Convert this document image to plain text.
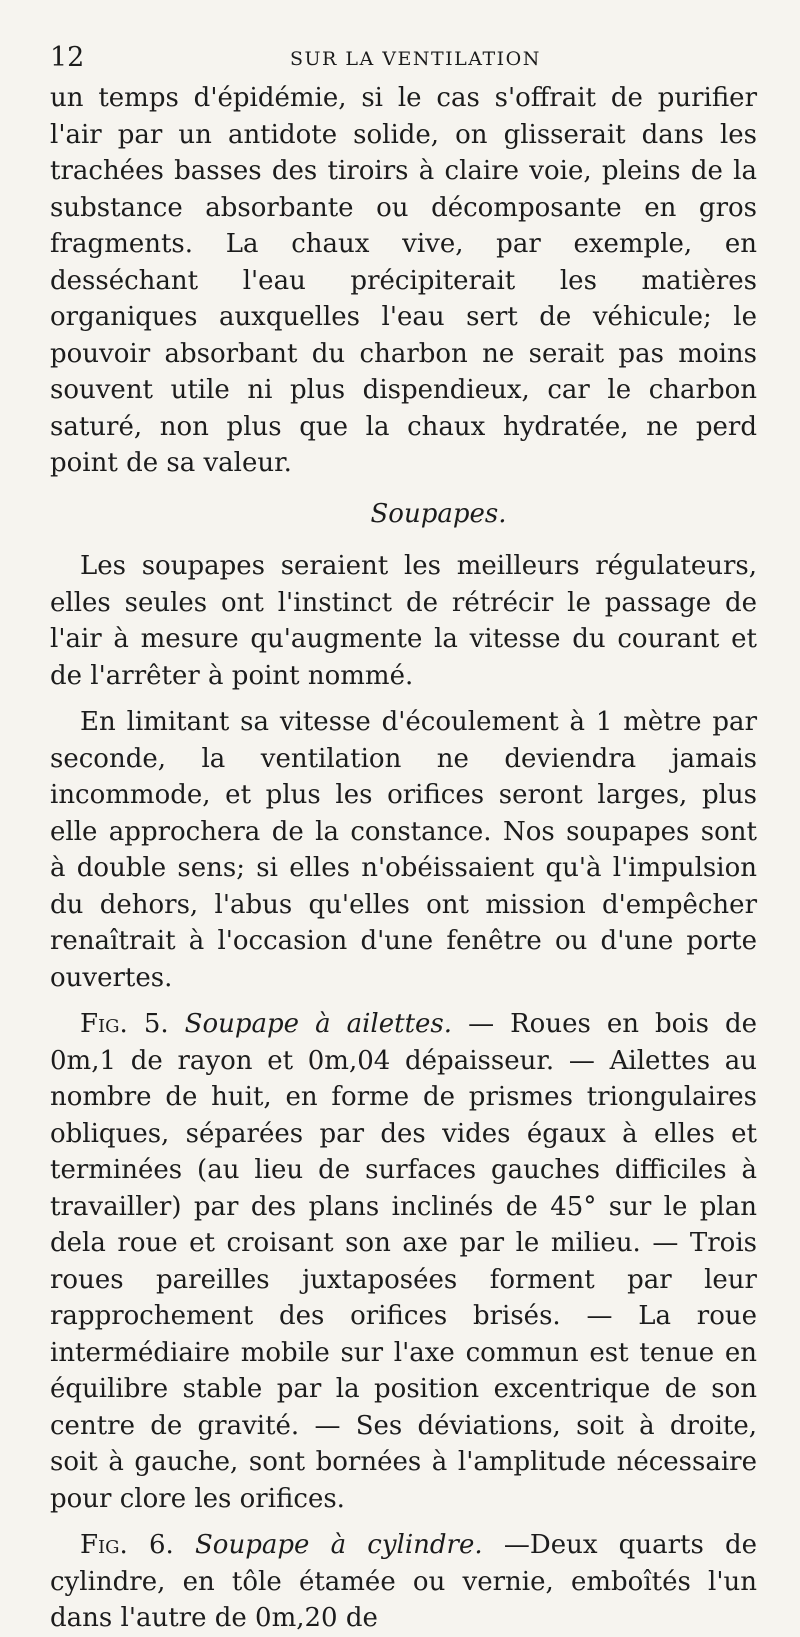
12	SUR LA VENTILATION

un temps d'épidémie, si le cas s'offrait de purifier l'air par un antidote solide, on glisserait dans les trachées basses des tiroirs à claire voie, pleins de la substance absorbante ou décomposante en gros fragments. La chaux vive, par exemple, en desséchant l'eau précipiterait les matières organiques auxquelles l'eau sert de véhicule; le pouvoir absorbant du charbon ne serait pas moins souvent utile ni plus dispendieux, car le charbon saturé, non plus que la chaux hydratée, ne perd point de sa valeur.

Soupapes.

Les soupapes seraient les meilleurs régulateurs, elles seules ont l'instinct de rétrécir le passage de l'air à mesure qu'augmente la vitesse du courant et de l'arrêter à point nommé.

En limitant sa vitesse d'écoulement à 1 mètre par seconde, la ventilation ne deviendra jamais incommode, et plus les orifices seront larges, plus elle approchera de la constance. Nos soupapes sont à double sens; si elles n'obéissaient qu'à l'impulsion du dehors, l'abus qu'elles ont mission d'empêcher renaîtrait à l'occasion d'une fenêtre ou d'une porte ouvertes.

Fig. 5. Soupape à ailettes. — Roues en bois de 0m,1 de rayon et 0m,04 dépaisseur. — Ailettes au nombre de huit, en forme de prismes triongulaires obliques, séparées par des vides égaux à elles et terminées (au lieu de surfaces gauches difficiles à travailler) par des plans inclinés de 45° sur le plan dela roue et croisant son axe par le milieu. — Trois roues pareilles juxtaposées forment par leur rapprochement des orifices brisés. — La roue intermédiaire mobile sur l'axe commun est tenue en équilibre stable par la position excentrique de son centre de gravité. — Ses déviations, soit à droite, soit à gauche, sont bornées à l'amplitude nécessaire pour clore les orifices.

Fig. 6. Soupape à cylindre. —Deux quarts de cylindre, en tôle étamée ou vernie, emboîtés l'un dans l'autre de 0m,20 de
